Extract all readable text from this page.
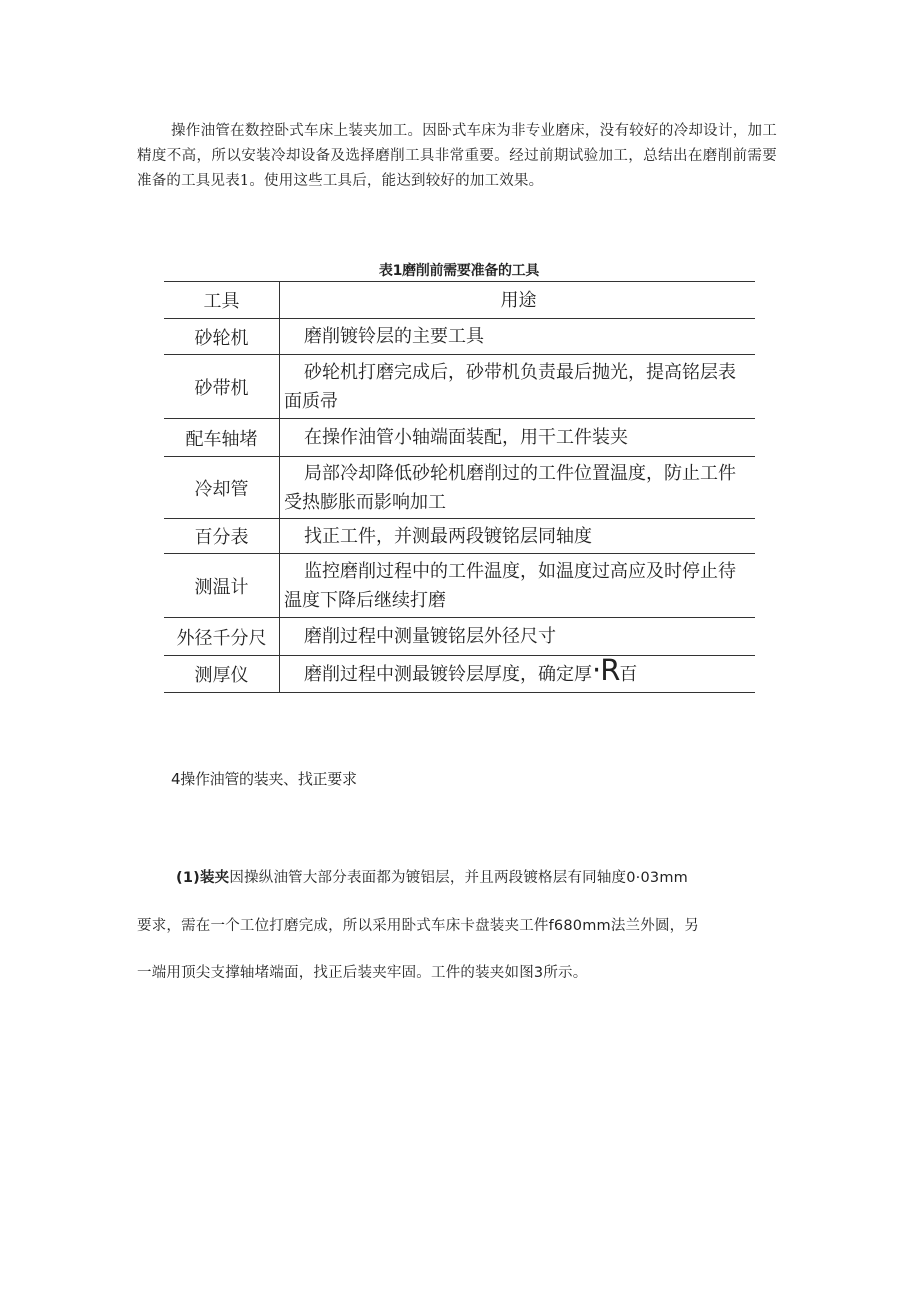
操作油管在数控卧式车床上装夹加工。因卧式车床为非专业磨床，没有较好的冷却设计，加工精度不高，所以安装冷却设备及选择磨削工具非常重要。经过前期试验加工，总结出在磨削前需要准备的工具见表1。使用这些工具后，能达到较好的加工效果。

表1磨削前需要准备的工具

工具	用途
砂轮机	磨削镀铃层的主要工具
砂带机	砂轮机打磨完成后，砂带机负责最后抛光，提高铭层表面质帚
配车轴堵	在操作油管小轴端面装配，用干工件装夹
冷却管	局部冷却降低砂轮机磨削过的工件位置温度，防止工件受热膨胀而影响加工
百分表	找正工件，并测最两段镀铭层同轴度
测温计	监控磨削过程中的工件温度，如温度过高应及时停止待温度下降后继续打磨
外径千分尺	磨削过程中测量镀铭层外径尺寸
测厚仪	磨削过程中测最镀铃层厚度，确定厚·R百

4操作油管的装夹、找正要求

(1)装夹因操纵油管大部分表面都为镀铝层，并且两段镀格层有同轴度0·03mm

要求，需在一个工位打磨完成，所以采用卧式车床卡盘装夹工件f680mm法兰外圆，另

一端用顶尖支撑轴堵端面，找正后装夹牢固。工件的装夹如图3所示。
